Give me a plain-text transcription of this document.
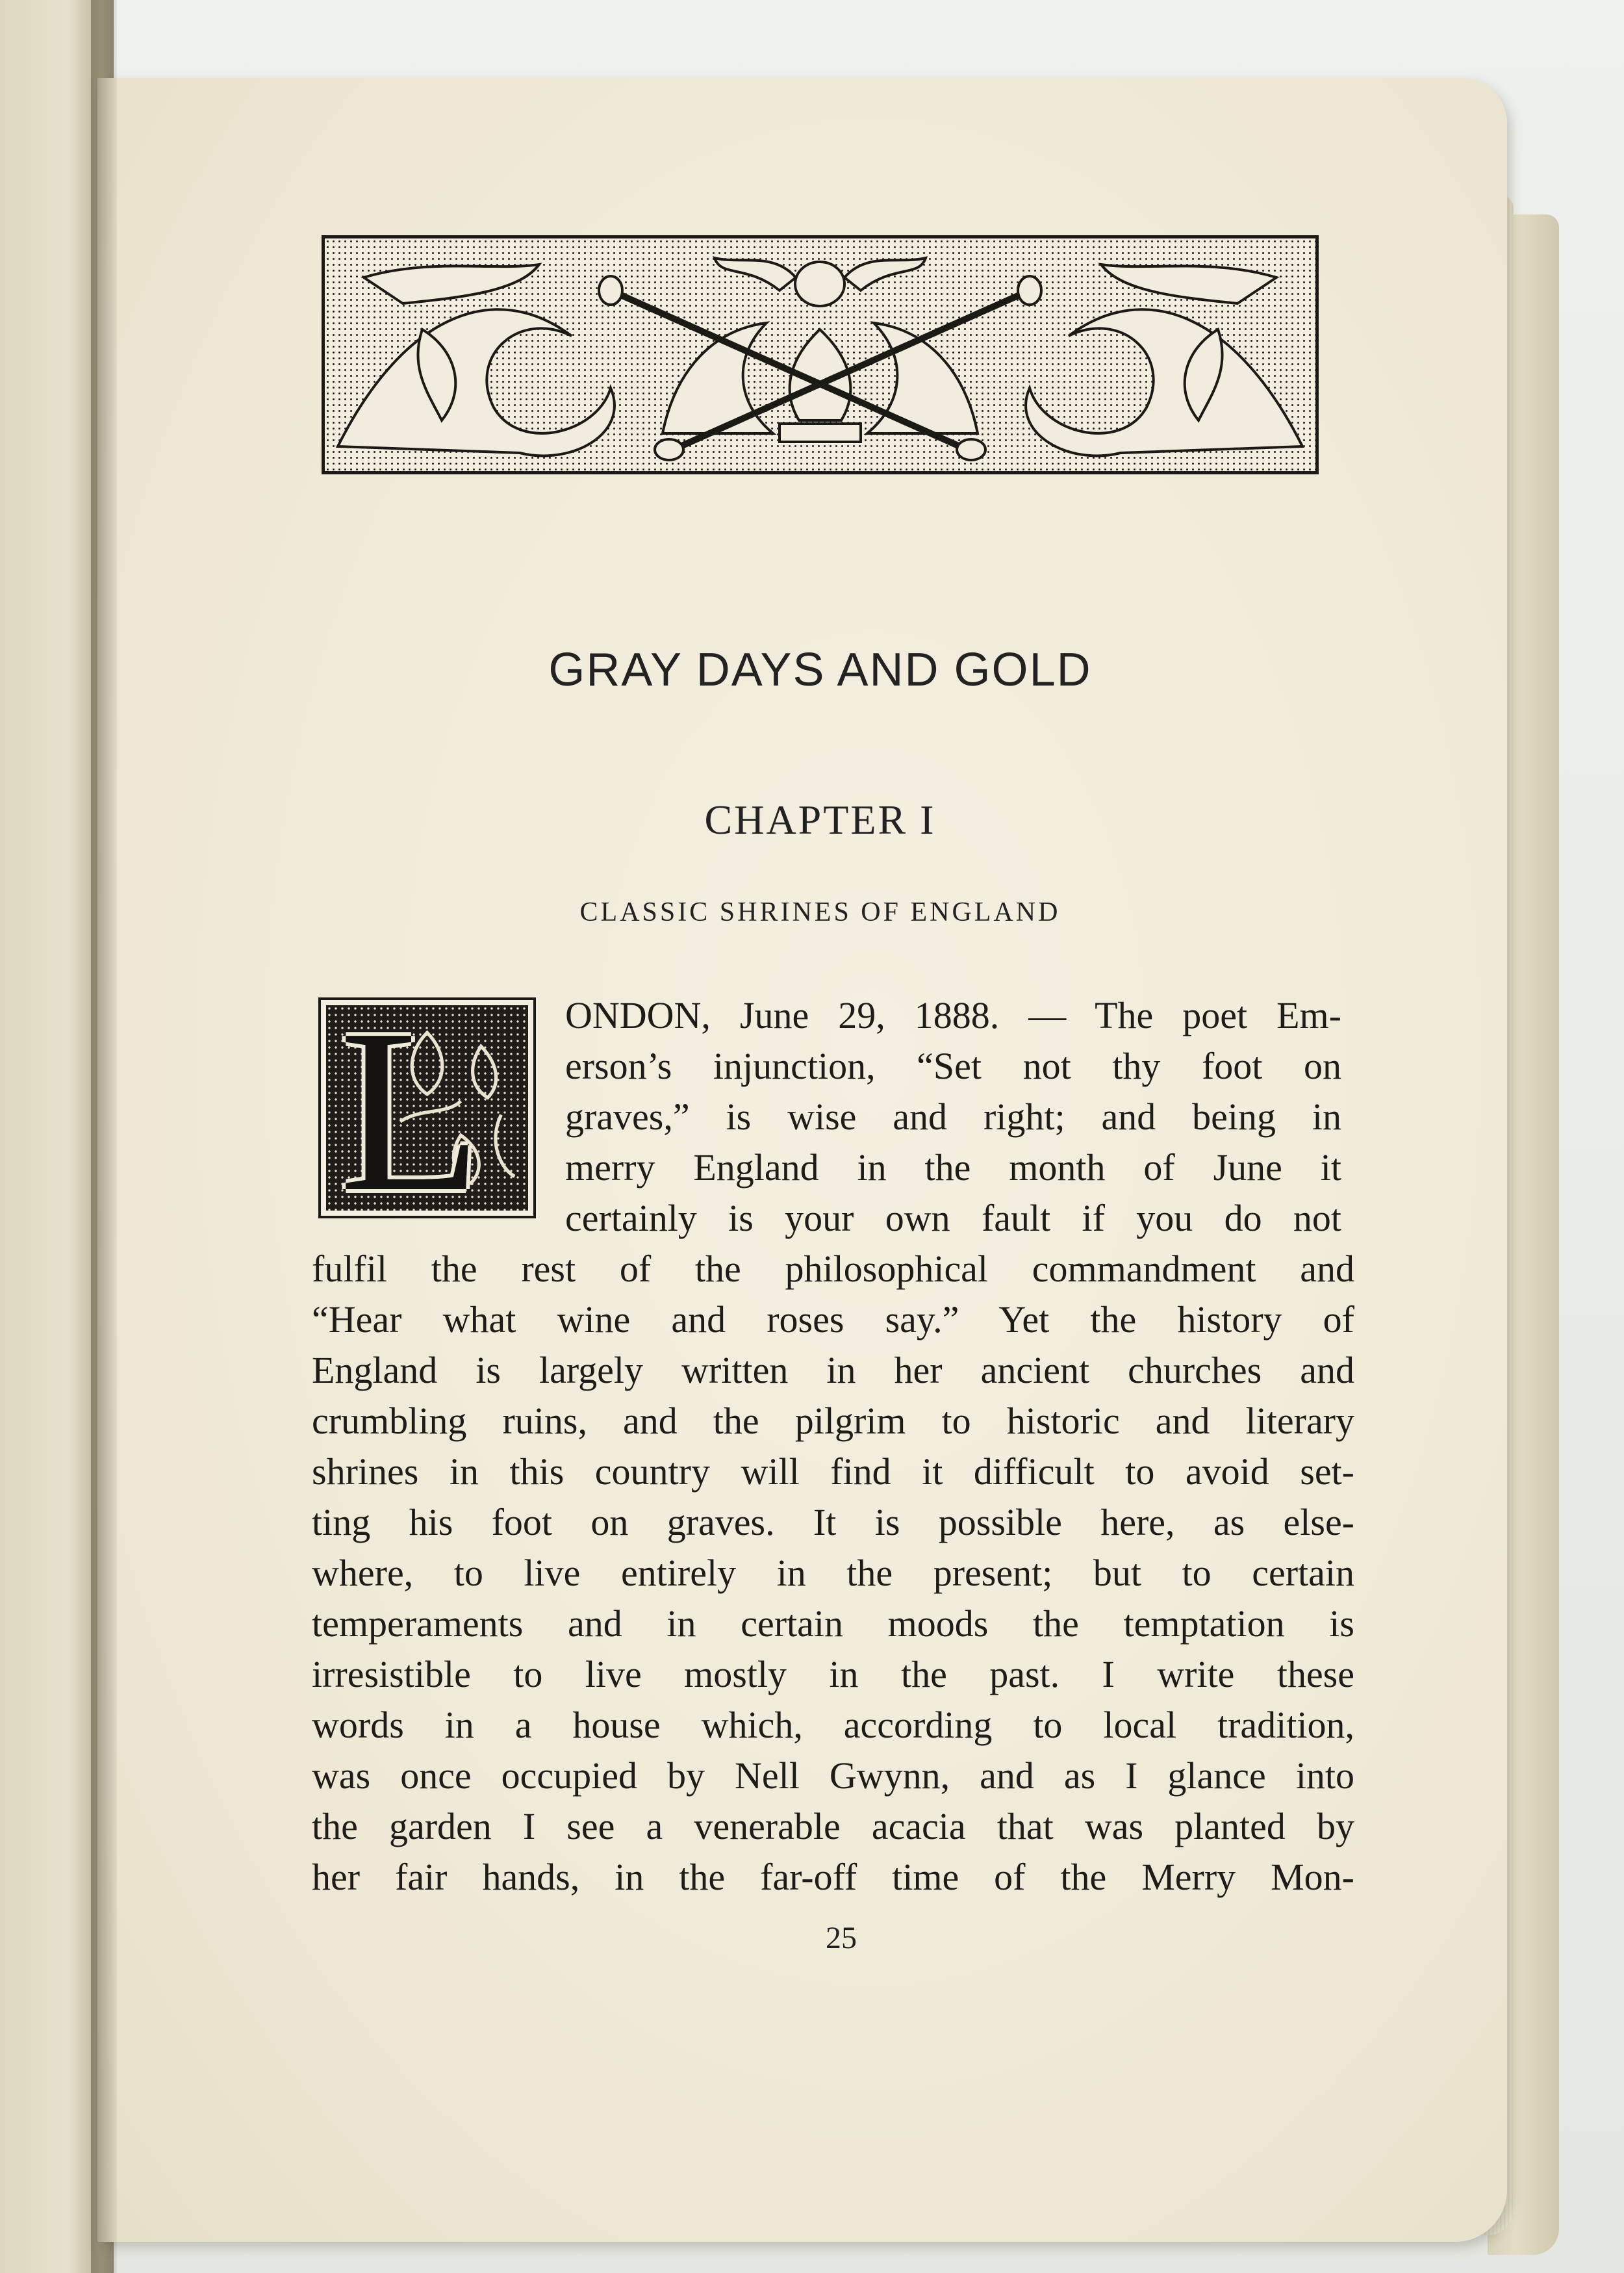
GRAY DAYS AND GOLD
CHAPTER I
CLASSIC SHRINES OF ENGLAND
L ONDON, June 29, 1888. — The poet Em-
erson’s injunction, “Set not thy foot on
graves,” is wise and right; and being in
merry England in the month of June it
certainly is your own fault if you do not
fulfil the rest of the philosophical commandment and
“Hear what wine and roses say.” Yet the history of
England is largely written in her ancient churches and
crumbling ruins, and the pilgrim to historic and literary
shrines in this country will find it difficult to avoid set-
ting his foot on graves. It is possible here, as else-
where, to live entirely in the present; but to certain
temperaments and in certain moods the temptation is
irresistible to live mostly in the past. I write these
words in a house which, according to local tradition,
was once occupied by Nell Gwynn, and as I glance into
the garden I see a venerable acacia that was planted by
her fair hands, in the far-off time of the Merry Mon-
25
